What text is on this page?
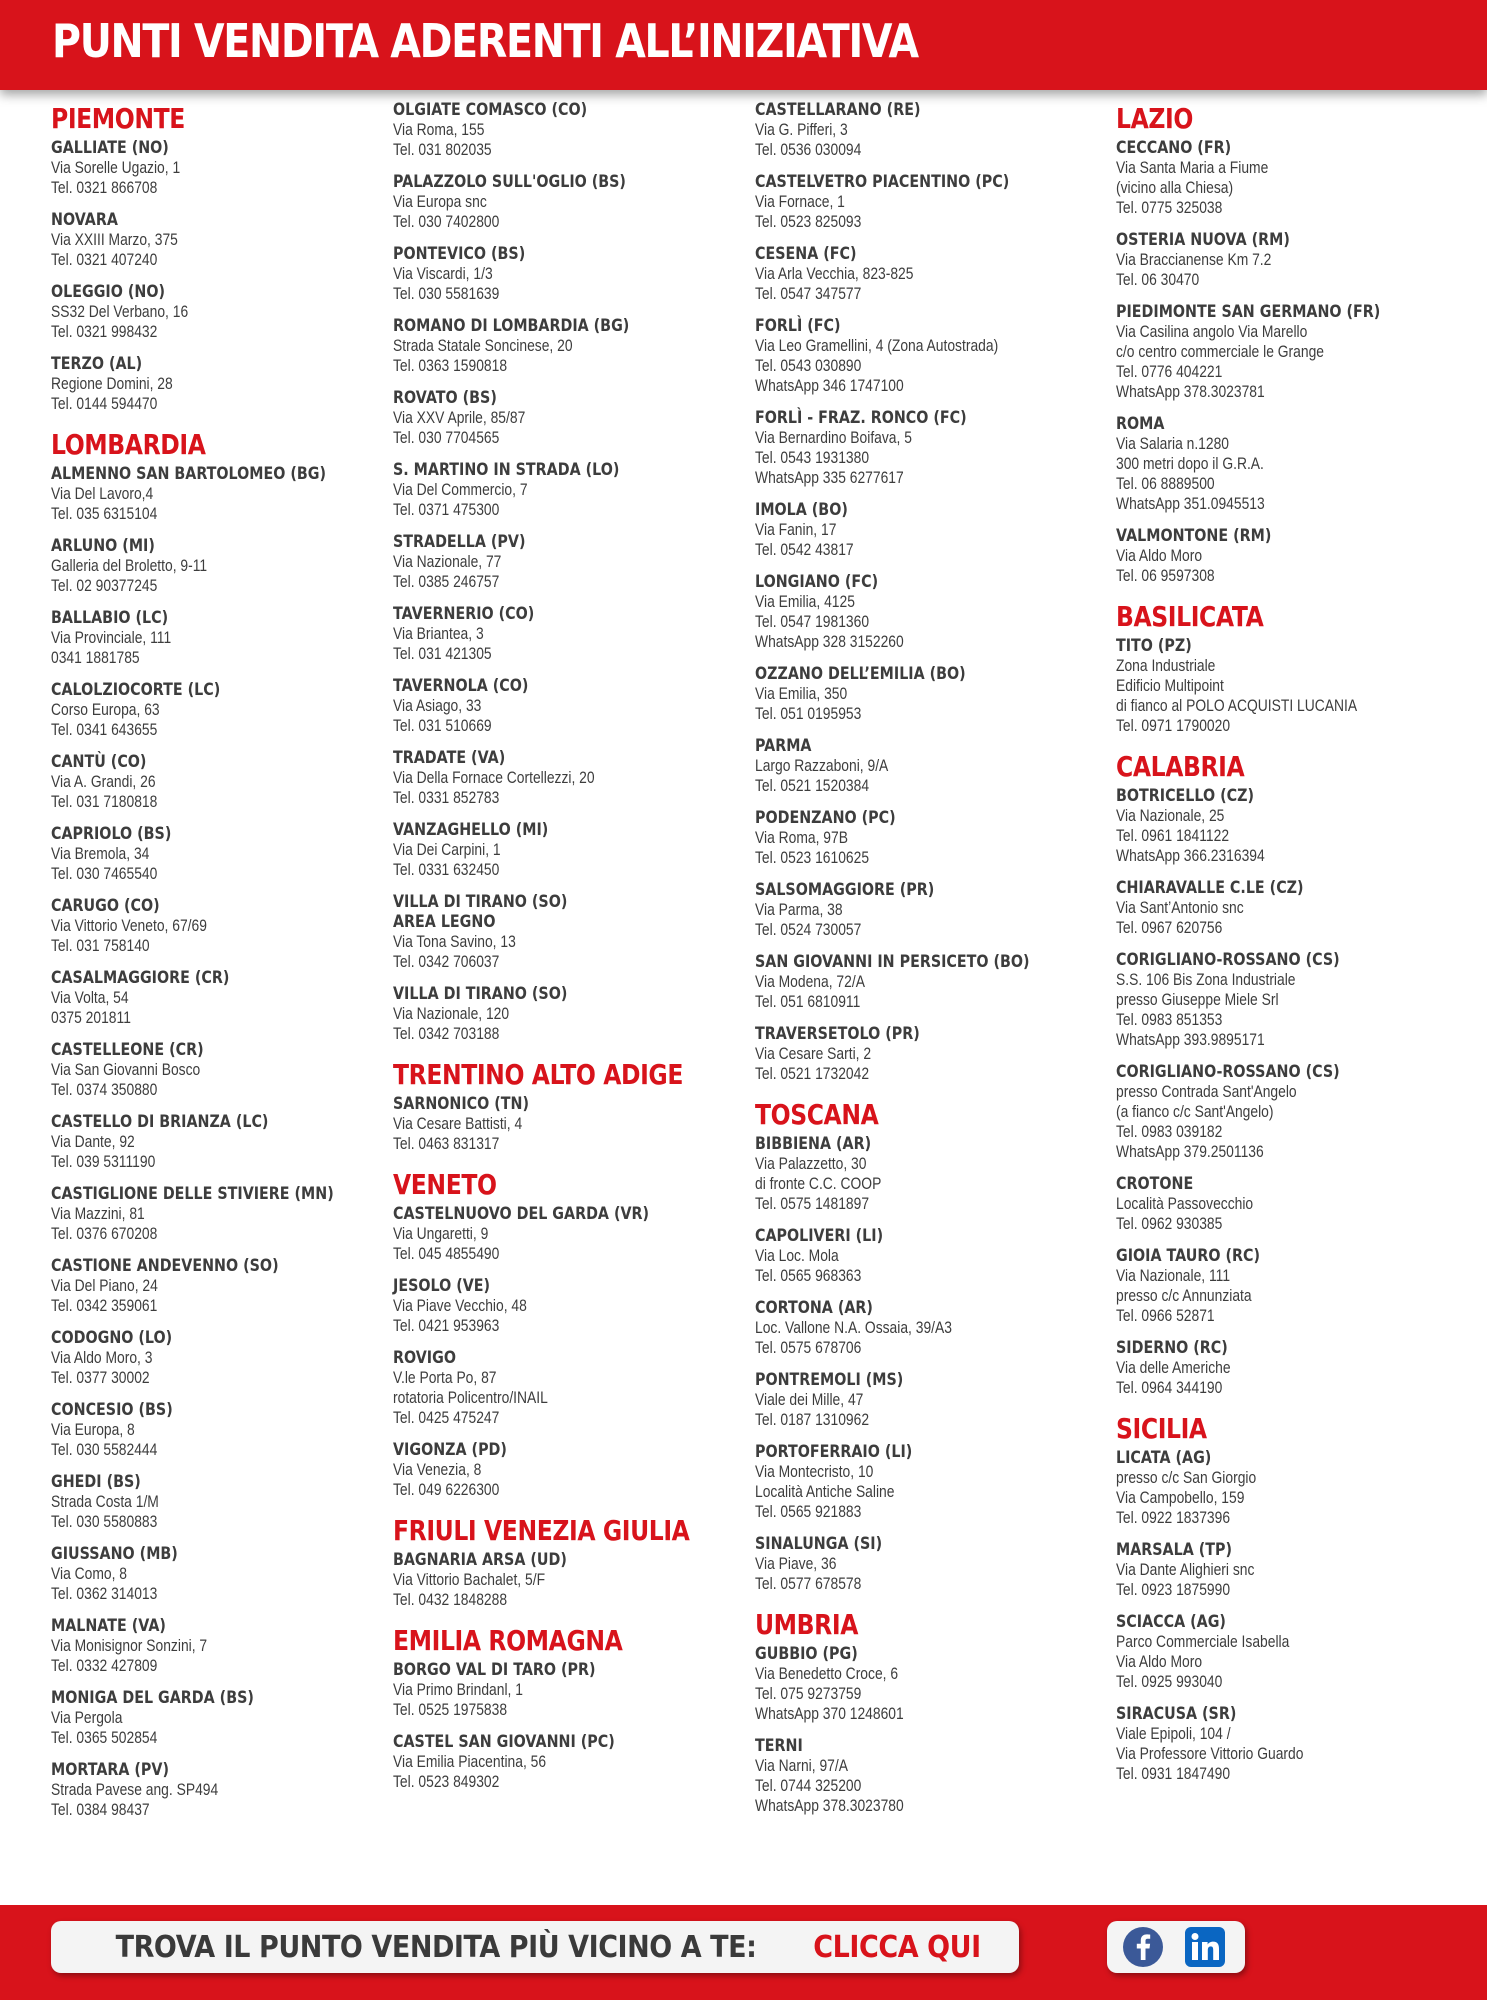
PUNTI VENDITA ADERENTI ALL’INIZIATIVA
PIEMONTE
GALLIATE (NO)
Via Sorelle Ugazio, 1
Tel. 0321 866708
NOVARA
Via XXIII Marzo, 375
Tel. 0321 407240
OLEGGIO (NO)
SS32 Del Verbano, 16
Tel. 0321 998432
TERZO (AL)
Regione Domini, 28
Tel. 0144 594470
LOMBARDIA
ALMENNO SAN BARTOLOMEO (BG)
Via Del Lavoro,4
Tel. 035 6315104
ARLUNO (MI)
Galleria del Broletto, 9-11
Tel. 02 90377245
BALLABIO (LC)
Via Provinciale, 111
0341 1881785
CALOLZIOCORTE (LC)
Corso Europa, 63
Tel. 0341 643655
CANTÙ (CO)
Via A. Grandi, 26
Tel. 031 7180818
CAPRIOLO (BS)
Via Bremola, 34
Tel. 030 7465540
CARUGO (CO)
Via Vittorio Veneto, 67/69
Tel. 031 758140
CASALMAGGIORE (CR)
Via Volta, 54
0375 201811
CASTELLEONE (CR)
Via San Giovanni Bosco
Tel. 0374 350880
CASTELLO DI BRIANZA (LC)
Via Dante, 92
Tel. 039 5311190
CASTIGLIONE DELLE STIVIERE (MN)
Via Mazzini, 81
Tel. 0376 670208
CASTIONE ANDEVENNO (SO)
Via Del Piano, 24
Tel. 0342 359061
CODOGNO (LO)
Via Aldo Moro, 3
Tel. 0377 30002
CONCESIO (BS)
Via Europa, 8
Tel. 030 5582444
GHEDI (BS)
Strada Costa 1/M
Tel. 030 5580883
GIUSSANO (MB)
Via Como, 8
Tel. 0362 314013
MALNATE (VA)
Via Monisignor Sonzini, 7
Tel. 0332 427809
MONIGA DEL GARDA (BS)
Via Pergola
Tel. 0365 502854
MORTARA (PV)
Strada Pavese ang. SP494
Tel. 0384 98437
OLGIATE COMASCO (CO)
Via Roma, 155
Tel. 031 802035
PALAZZOLO SULL'OGLIO (BS)
Via Europa snc
Tel. 030 7402800
PONTEVICO (BS)
Via Viscardi, 1/3
Tel. 030 5581639
ROMANO DI LOMBARDIA (BG)
Strada Statale Soncinese, 20
Tel. 0363 1590818
ROVATO (BS)
Via XXV Aprile, 85/87
Tel. 030 7704565
S. MARTINO IN STRADA (LO)
Via Del Commercio, 7
Tel. 0371 475300
STRADELLA (PV)
Via Nazionale, 77
Tel. 0385 246757
TAVERNERIO (CO)
Via Briantea, 3
Tel. 031 421305
TAVERNOLA (CO)
Via Asiago, 33
Tel. 031 510669
TRADATE (VA)
Via Della Fornace Cortellezzi, 20
Tel. 0331 852783
VANZAGHELLO (MI)
Via Dei Carpini, 1
Tel. 0331 632450
VILLA DI TIRANO (SO)
AREA LEGNO
Via Tona Savino, 13
Tel. 0342 706037
VILLA DI TIRANO (SO)
Via Nazionale, 120
Tel. 0342 703188
TRENTINO ALTO ADIGE
SARNONICO (TN)
Via Cesare Battisti, 4
Tel. 0463 831317
VENETO
CASTELNUOVO DEL GARDA (VR)
Via Ungaretti, 9
Tel. 045 4855490
JESOLO (VE)
Via Piave Vecchio, 48
Tel. 0421 953963
ROVIGO
V.le Porta Po, 87
rotatoria Policentro/INAIL
Tel. 0425 475247
VIGONZA (PD)
Via Venezia, 8
Tel. 049 6226300
FRIULI VENEZIA GIULIA
BAGNARIA ARSA (UD)
Via Vittorio Bachalet, 5/F
Tel. 0432 1848288
EMILIA ROMAGNA
BORGO VAL DI TARO (PR)
Via Primo Brindanl, 1
Tel. 0525 1975838
CASTEL SAN GIOVANNI (PC)
Via Emilia Piacentina, 56
Tel. 0523 849302
CASTELLARANO (RE)
Via G. Pifferi, 3
Tel. 0536 030094
CASTELVETRO PIACENTINO (PC)
Via Fornace, 1
Tel. 0523 825093
CESENA (FC)
Via Arla Vecchia, 823-825
Tel. 0547 347577
FORLÌ (FC)
Via Leo Gramellini, 4 (Zona Autostrada)
Tel. 0543 030890
WhatsApp 346 1747100
FORLÌ - FRAZ. RONCO (FC)
Via Bernardino Boifava, 5
Tel. 0543 1931380
WhatsApp 335 6277617
IMOLA (BO)
Via Fanin, 17
Tel. 0542 43817
LONGIANO (FC)
Via Emilia, 4125
Tel. 0547 1981360
WhatsApp 328 3152260
OZZANO DELL’EMILIA (BO)
Via Emilia, 350
Tel. 051 0195953
PARMA
Largo Razzaboni, 9/A
Tel. 0521 1520384
PODENZANO (PC)
Via Roma, 97B
Tel. 0523 1610625
SALSOMAGGIORE (PR)
Via Parma, 38
Tel. 0524 730057
SAN GIOVANNI IN PERSICETO (BO)
Via Modena, 72/A
Tel. 051 6810911
TRAVERSETOLO (PR)
Via Cesare Sarti, 2
Tel. 0521 1732042
TOSCANA
BIBBIENA (AR)
Via Palazzetto, 30
di fronte C.C. COOP
Tel. 0575 1481897
CAPOLIVERI (LI)
Via Loc. Mola
Tel. 0565 968363
CORTONA (AR)
Loc. Vallone N.A. Ossaia, 39/A3
Tel. 0575 678706
PONTREMOLI (MS)
Viale dei Mille, 47
Tel. 0187 1310962
PORTOFERRAIO (LI)
Via Montecristo, 10
Località Antiche Saline
Tel. 0565 921883
SINALUNGA (SI)
Via Piave, 36
Tel. 0577 678578
UMBRIA
GUBBIO (PG)
Via Benedetto Croce, 6
Tel. 075 9273759
WhatsApp 370 1248601
TERNI
Via Narni, 97/A
Tel. 0744 325200
WhatsApp 378.3023780
LAZIO
CECCANO (FR)
Via Santa Maria a Fiume
(vicino alla Chiesa)
Tel. 0775 325038
OSTERIA NUOVA (RM)
Via Braccianense Km 7.2
Tel. 06 30470
PIEDIMONTE SAN GERMANO (FR)
Via Casilina angolo Via Marello
c/o centro commerciale le Grange
Tel. 0776 404221
WhatsApp 378.3023781
ROMA
Via Salaria n.1280
300 metri dopo il G.R.A.
Tel. 06 8889500
WhatsApp 351.0945513
VALMONTONE (RM)
Via Aldo Moro
Tel. 06 9597308
BASILICATA
TITO (PZ)
Zona Industriale
Edificio Multipoint
di fianco al POLO ACQUISTI LUCANIA
Tel. 0971 1790020
CALABRIA
BOTRICELLO (CZ)
Via Nazionale, 25
Tel. 0961 1841122
WhatsApp 366.2316394
CHIARAVALLE C.LE (CZ)
Via Sant’Antonio snc
Tel. 0967 620756
CORIGLIANO-ROSSANO (CS)
S.S. 106 Bis Zona Industriale
presso Giuseppe Miele Srl
Tel. 0983 851353
WhatsApp 393.9895171
CORIGLIANO-ROSSANO (CS)
presso Contrada Sant'Angelo
(a fianco c/c Sant'Angelo)
Tel. 0983 039182
WhatsApp 379.2501136
CROTONE
Località Passovecchio
Tel. 0962 930385
GIOIA TAURO (RC)
Via Nazionale, 111
presso c/c Annunziata
Tel. 0966 52871
SIDERNO (RC)
Via delle Americhe
Tel. 0964 344190
SICILIA
LICATA (AG)
presso c/c San Giorgio
Via Campobello, 159
Tel. 0922 1837396
MARSALA (TP)
Via Dante Alighieri snc
Tel. 0923 1875990
SCIACCA (AG)
Parco Commerciale Isabella
Via Aldo Moro
Tel. 0925 993040
SIRACUSA (SR)
Viale Epipoli, 104 /
Via Professore Vittorio Guardo
Tel. 0931 1847490
TROVA IL PUNTO VENDITA PIÙ VICINO A TE: CLICCA QUI
